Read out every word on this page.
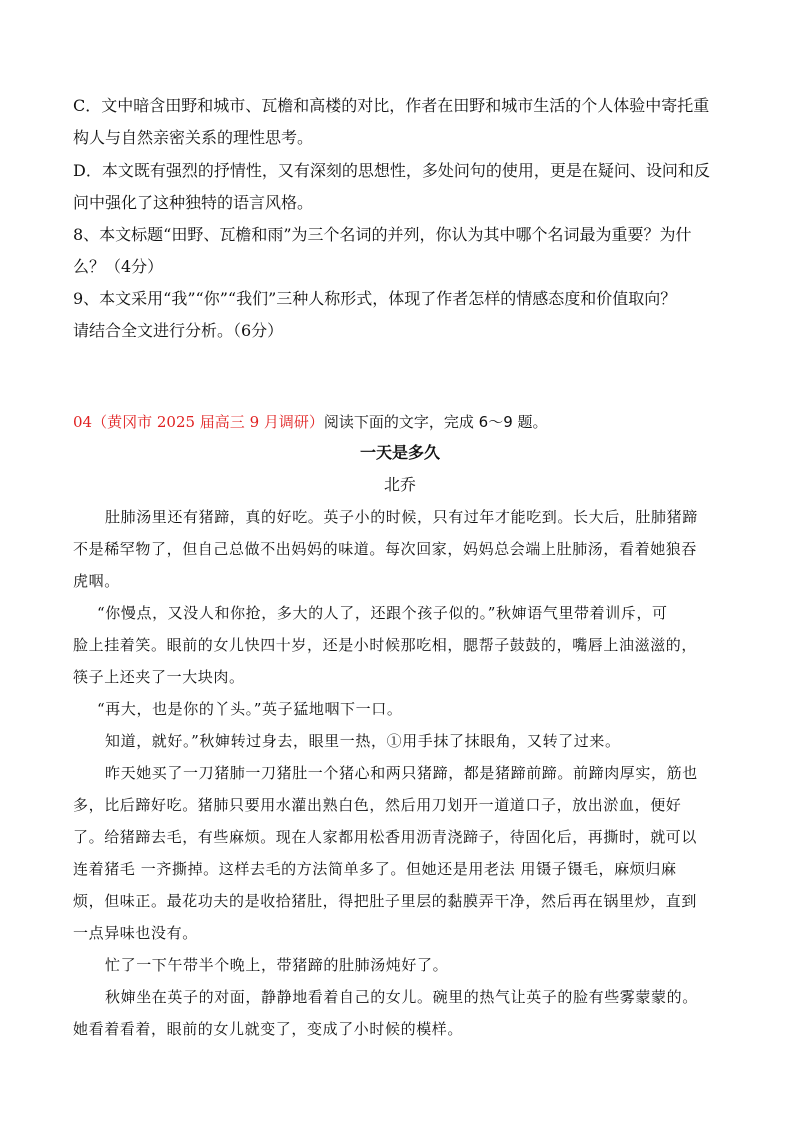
C．文中暗含田野和城市、瓦檐和高楼的对比，作者在田野和城市生活的个人体验中寄托重
构人与自然亲密关系的理性思考。
D．本文既有强烈的抒情性，又有深刻的思想性，多处问句的使用，更是在疑问、设问和反
问中强化了这种独特的语言风格。
8、本文标题“田野、瓦檐和雨”为三个名词的并列，你认为其中哪个名词最为重要？为什
么？（4分）
9、本文采用“我”“你”“我们”三种人称形式，体现了作者怎样的情感态度和价值取向？
请结合全文进行分析。（6分）
04（黄冈市 2025 届高三 9 月调研）阅读下面的文字，完成 6～9 题。
一天是多久
北乔
肚肺汤里还有猪蹄，真的好吃。英子小的时候，只有过年才能吃到。长大后，肚肺猪蹄
不是稀罕物了，但自己总做不出妈妈的味道。每次回家，妈妈总会端上肚肺汤，看着她狼吞
虎咽。
“你慢点，又没人和你抢，多大的人了，还跟个孩子似的。”秋婶语气里带着训斥，可
脸上挂着笑。眼前的女儿快四十岁，还是小时候那吃相，腮帮子鼓鼓的，嘴唇上油滋滋的，
筷子上还夹了一大块肉。
“再大，也是你的丫头。”英子猛地咽下一口。
知道，就好。”秋婶转过身去，眼里一热，①用手抹了抹眼角，又转了过来。
昨天她买了一刀猪肺一刀猪肚一个猪心和两只猪蹄，都是猪蹄前蹄。前蹄肉厚实，筋也
多，比后蹄好吃。猪肺只要用水灌出熟白色，然后用刀划开一道道口子，放出淤血，便好
了。给猪蹄去毛，有些麻烦。现在人家都用松香用沥青浇蹄子，待固化后，再撕时，就可以
连着猪毛 一齐撕掉。这样去毛的方法简单多了。但她还是用老法 用镊子镊毛，麻烦归麻
烦，但味正。最花功夫的是收拾猪肚，得把肚子里层的黏膜弄干净，然后再在锅里炒，直到
一点异味也没有。
忙了一下午带半个晚上，带猪蹄的肚肺汤炖好了。
秋婶坐在英子的对面，静静地看着自己的女儿。碗里的热气让英子的脸有些雾蒙蒙的。
她看着看着，眼前的女儿就变了，变成了小时候的模样。
